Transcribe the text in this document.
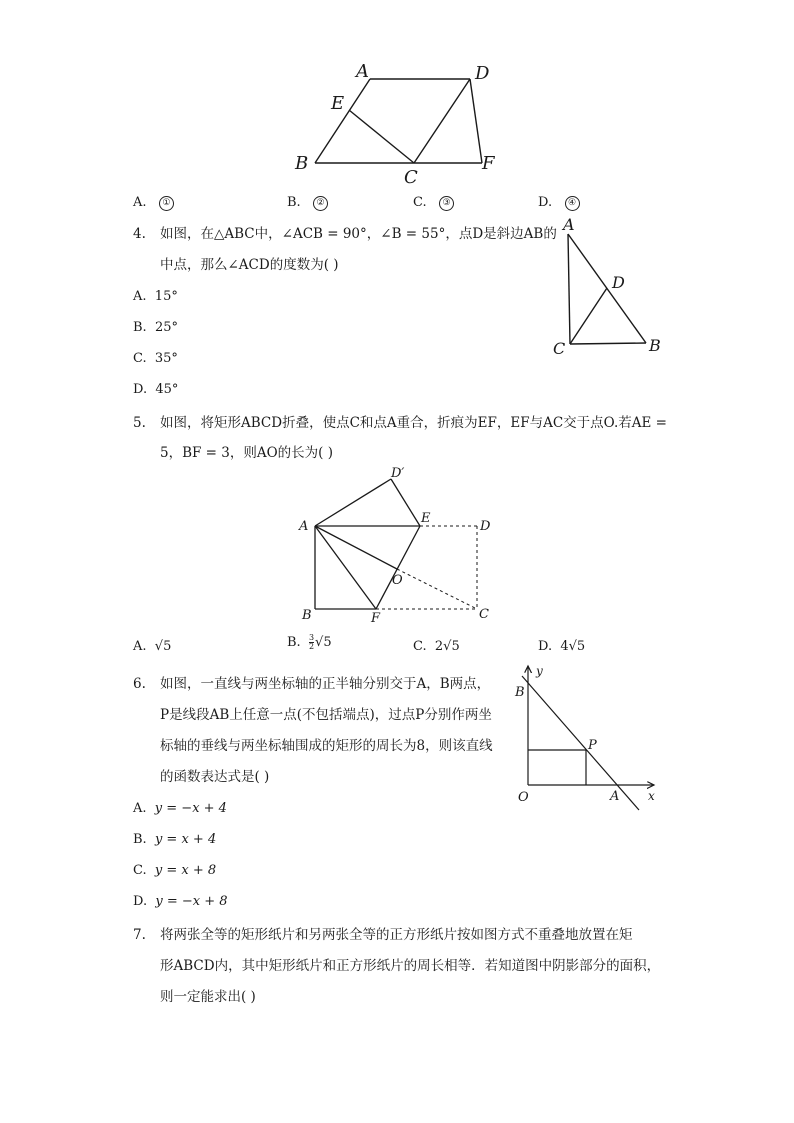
A	D
E
B
C
F
A. ①	B. ②	C. ③	D. ④
4. 如图，在△ABC中，∠ACB = 90°，∠B = 55°，点D是斜边AB的
中点，那么∠ACD的度数为( )
A. 15°
B. 25°
C. 35°
D. 45°
A
D
C	B
5. 如图，将矩形ABCD折叠，使点C和点A重合，折痕为EF，EF与AC交于点O.若AE =
5，BF = 3，则AO的长为( )
A
B	C
D
D′
E
F
O
A. √5	B. $\frac{3}{2} √5$	C. 2√5	D. 4√5
6. 如图，一直线与两坐标轴的正半轴分别交于A，B两点，
P是线段AB上任意一点(不包括端点)，过点P分别作两坐
标轴的垂线与两坐标轴围成的矩形的周长为8，则该直线
的函数表达式是( )
y
x
B
P
O	A
A. y = −x + 4
B. y = x + 4
C. y = x + 8
D. y = −x + 8
7. 将两张全等的矩形纸片和另两张全等的正方形纸片按如图方式不重叠地放置在矩
形ABCD内，其中矩形纸片和正方形纸片的周长相等．若知道图中阴影部分的面积，
则一定能求出( )
